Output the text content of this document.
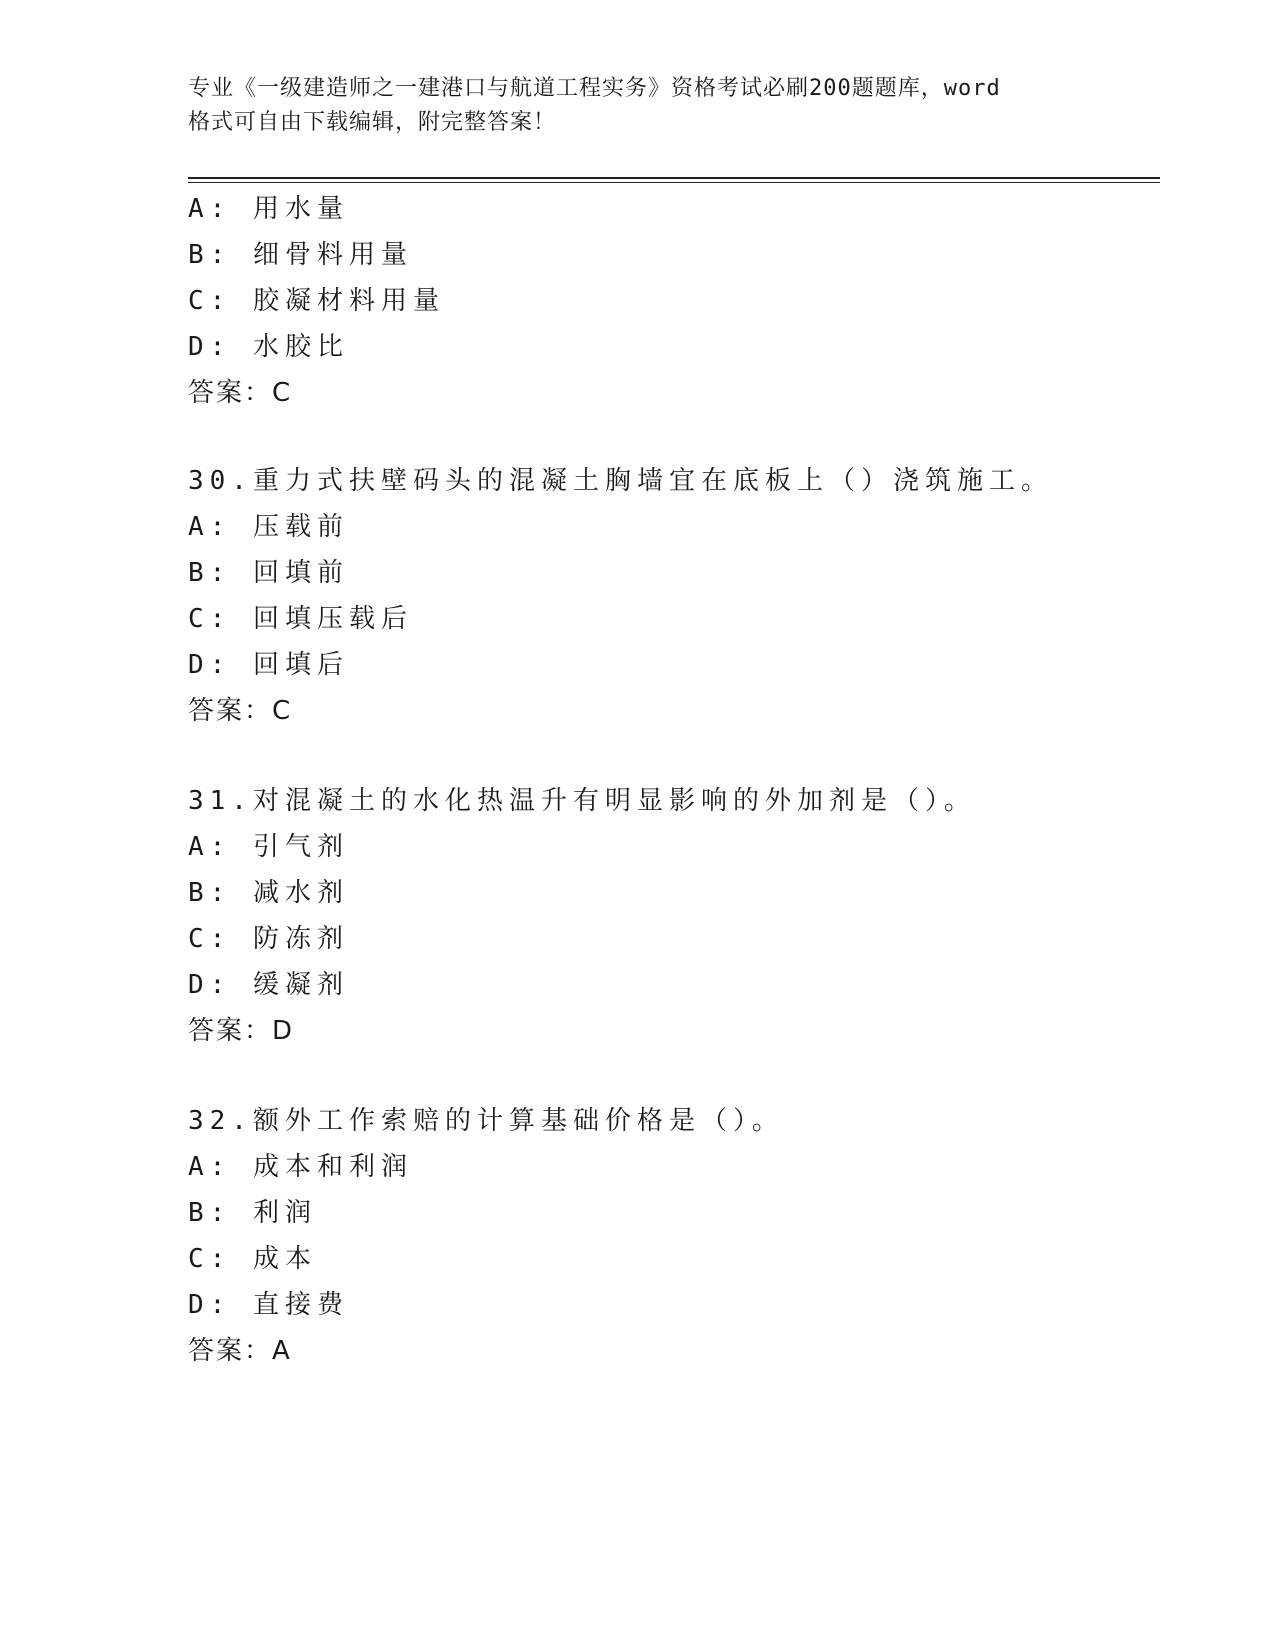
专业《一级建造师之一建港口与航道工程实务》资格考试必刷200题题库，word
格式可自由下载编辑，附完整答案！
A: 用水量
B: 细骨料用量
C: 胶凝材料用量
D: 水胶比
答案：C
30.重力式扶壁码头的混凝土胸墙宜在底板上（）浇筑施工。
A: 压载前
B: 回填前
C: 回填压载后
D: 回填后
答案：C
31.对混凝土的水化热温升有明显影响的外加剂是（）。
A: 引气剂
B: 减水剂
C: 防冻剂
D: 缓凝剂
答案：D
32.额外工作索赔的计算基础价格是（）。
A: 成本和利润
B: 利润
C: 成本
D: 直接费
答案：A
